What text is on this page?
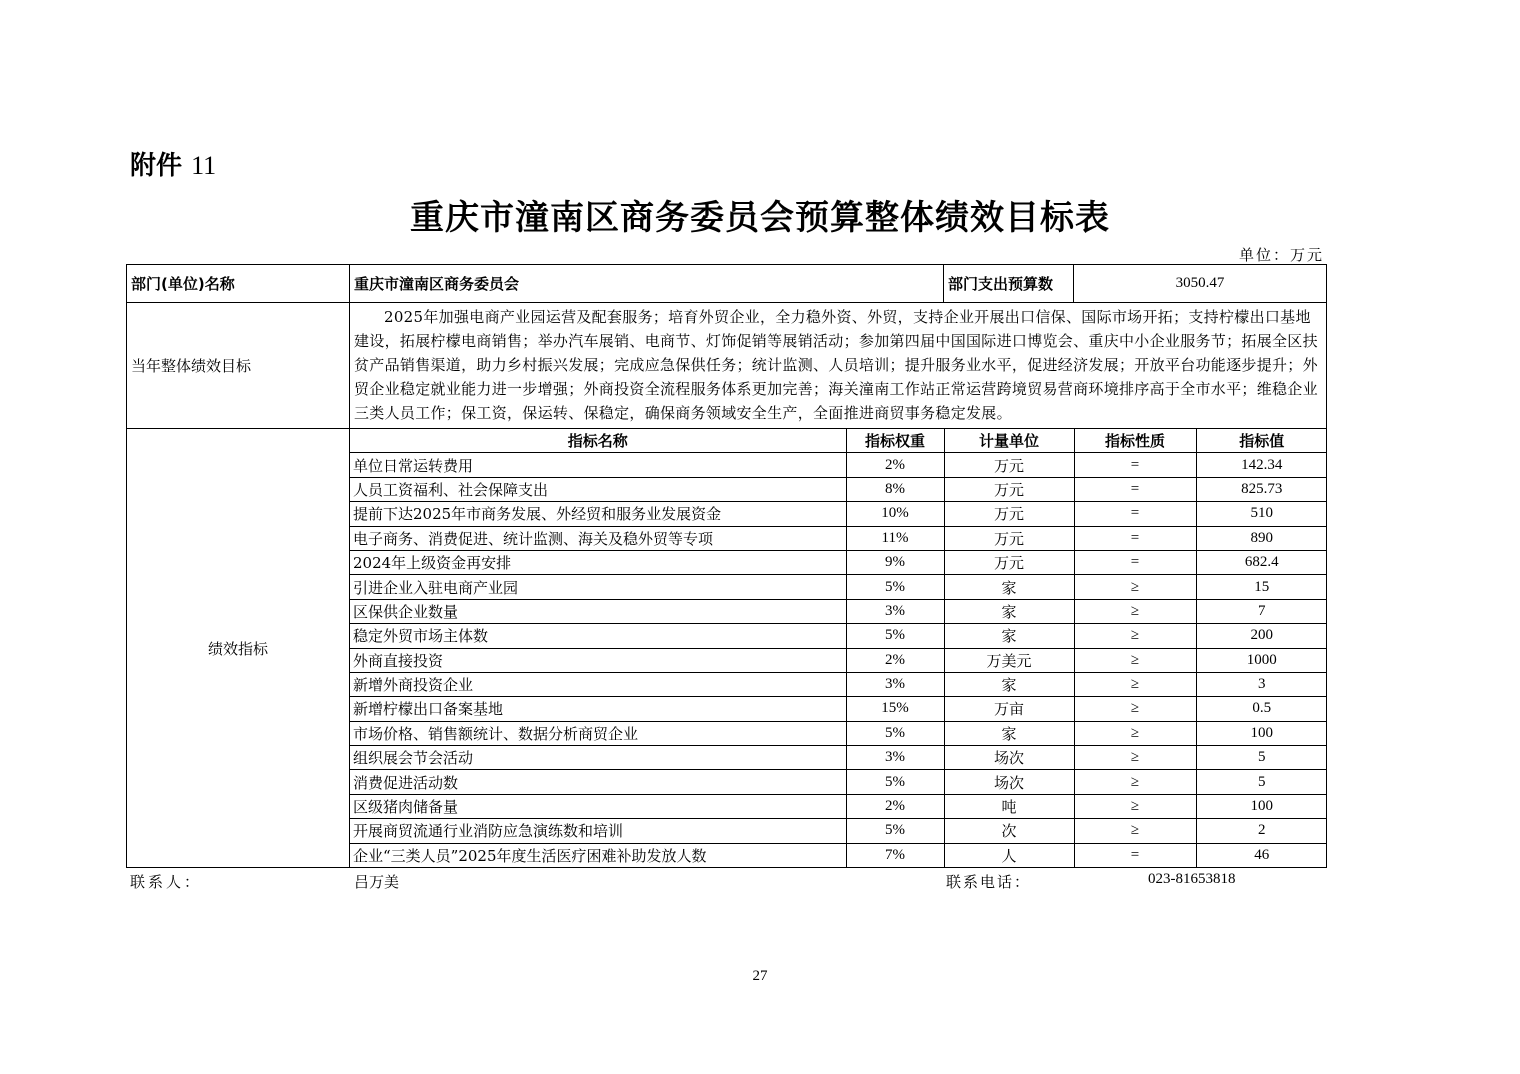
附件 11
重庆市潼南区商务委员会预算整体绩效目标表
单位：万元
部门(单位)名称	重庆市潼南区商务委员会	部门支出预算数	3050.47
当年整体绩效目标	2025年加强电商产业园运营及配套服务；培育外贸企业，全力稳外资、外贸，支持企业开展出口信保、国际市场开拓；支持柠檬出口基地建设，拓展柠檬电商销售；举办汽车展销、电商节、灯饰促销等展销活动；参加第四届中国国际进口博览会、重庆中小企业服务节；拓展全区扶贫产品销售渠道，助力乡村振兴发展；完成应急保供任务；统计监测、人员培训；提升服务业水平，促进经济发展；开放平台功能逐步提升；外贸企业稳定就业能力进一步增强；外商投资全流程服务体系更加完善；海关潼南工作站正常运营跨境贸易营商环境排序高于全市水平；维稳企业三类人员工作；保工资，保运转、保稳定，确保商务领域安全生产，全面推进商贸事务稳定发展。
绩效指标	
指标名称	指标权重	计量单位	指标性质	指标值
单位日常运转费用	2%	万元	=	142.34
人员工资福利、社会保障支出	8%	万元	=	825.73
提前下达2025年市商务发展、外经贸和服务业发展资金	10%	万元	=	510
电子商务、消费促进、统计监测、海关及稳外贸等专项	11%	万元	=	890
2024年上级资金再安排	9%	万元	=	682.4
引进企业入驻电商产业园	5%	家	≥	15
区保供企业数量	3%	家	≥	7
稳定外贸市场主体数	5%	家	≥	200
外商直接投资	2%	万美元	≥	1000
新增外商投资企业	3%	家	≥	3
新增柠檬出口备案基地	15%	万亩	≥	0.5
市场价格、销售额统计、数据分析商贸企业	5%	家	≥	100
组织展会节会活动	3%	场次	≥	5
消费促进活动数	5%	场次	≥	5
区级猪肉储备量	2%	吨	≥	100
开展商贸流通行业消防应急演练数和培训	5%	次	≥	2
企业“三类人员”2025年度生活医疗困难补助发放人数	7%	人	=	46
联系人：	吕万美	联系电话：	023-81653818
27
